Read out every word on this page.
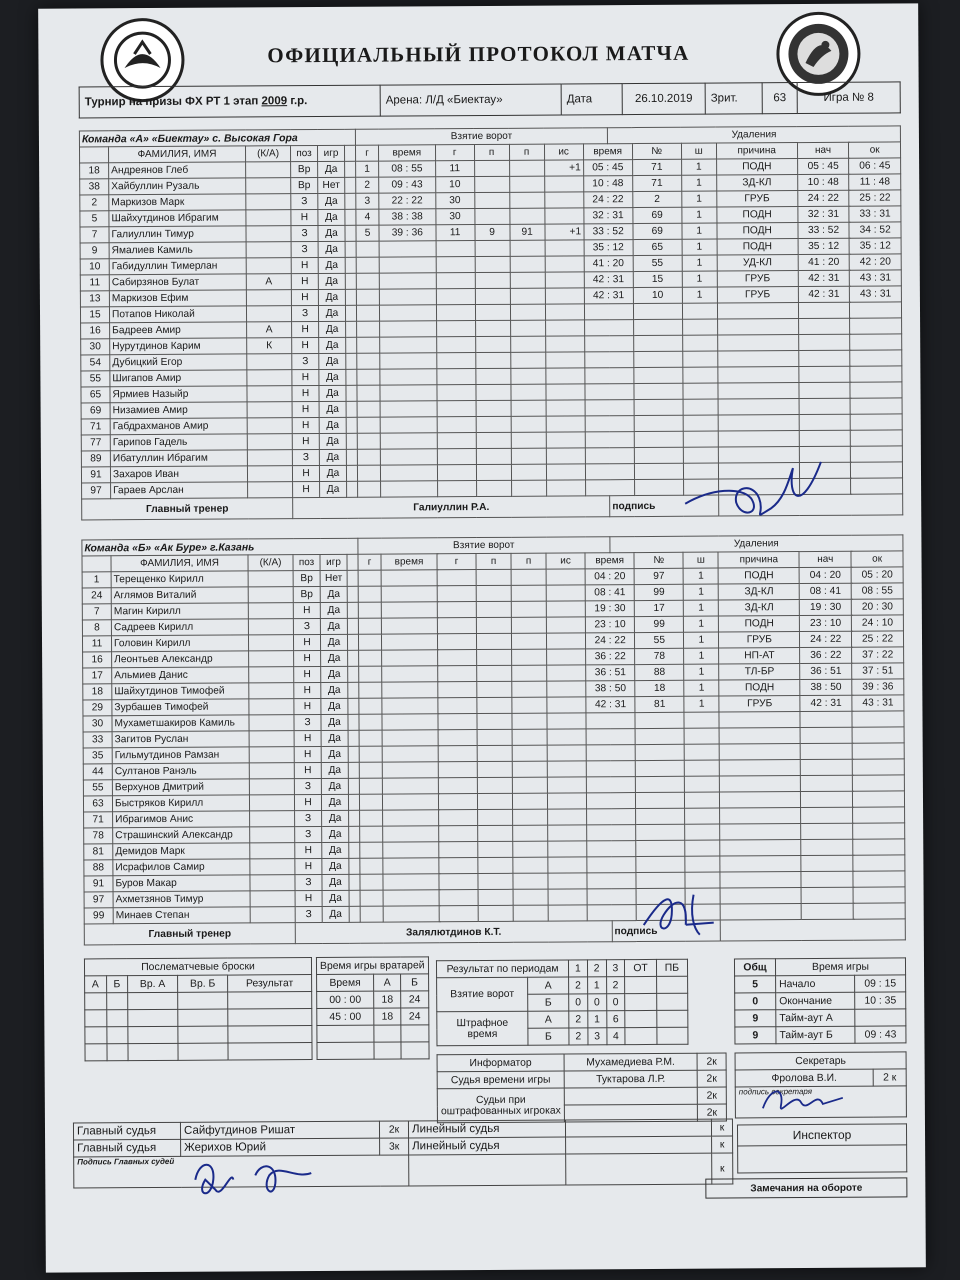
ОФИЦИАЛЬНЫЙ ПРОТОКОЛ МАТЧА
Турнир на призы ФХ РТ 1 этап 2009 г.р.	Арена: Л/Д «Биектау»	Дата	26.10.2019	Зрит.	63	Игра № 8
Команда «А» «Биектау» с. Высокая Гора						Взятие ворот							Удаления					
	ФАМИЛИЯ, ИМЯ	(К/А)	поз	игр		г	время	г	п	п	ис	время		№	ш	причина	нач	ок
18	Андреянов Глеб		Вр	Да		1	08 : 55	11			+1	05 : 45		71	1	ПОДН	05 : 45	06 : 45
38	Хайбуллин Рузаль		Вр	Нет		2	09 : 43	10				10 : 48		71	1	ЗД-КЛ	10 : 48	11 : 48
2	Маркизов Марк		З	Да		3	22 : 22	30				24 : 22		2	1	ГРУБ	24 : 22	25 : 22
5	Шайхутдинов Ибрагим		Н	Да		4	38 : 38	30				32 : 31		69	1	ПОДН	32 : 31	33 : 31
7	Галиуллин Тимур		З	Да		5	39 : 36	11	9	91	+1	33 : 52		69	1	ПОДН	33 : 52	34 : 52
9	Ямалиев Камиль		З	Да								35 : 12		65	1	ПОДН	35 : 12	35 : 12
10	Габидуллин Тимерлан		Н	Да								41 : 20		55	1	УД-КЛ	41 : 20	42 : 20
11	Сабирзянов Булат	А	Н	Да								42 : 31		15	1	ГРУБ	42 : 31	43 : 31
13	Маркизов Ефим		Н	Да								42 : 31		10	1	ГРУБ	42 : 31	43 : 31
15	Потапов Николай		З	Да														
16	Бадреев Амир	А	Н	Да														
30	Нурутдинов Карим	К	Н	Да														
54	Дубицкий Егор		З	Да														
55	Шигапов Амир		Н	Да														
65	Ярмиев Назыйр		Н	Да														
69	Низамиев Амир		Н	Да														
71	Габдрахманов Амир		Н	Да														
77	Гарипов Гадель		Н	Да														
89	Ибатуллин Ибрагим		З	Да														
91	Захаров Иван		Н	Да														
97	Гараев Арслан		Н	Да														
Главный тренер			Галиуллин Р.А.										подпись					
Команда «Б» «Ак Буре» г.Казань						Взятие ворот							Удаления					
	ФАМИЛИЯ, ИМЯ	(К/А)	поз	игр		г	время	г	п	п	ис	время		№	ш	причина	нач	ок
1	Терещенко Кирилл		Вр	Нет								04 : 20		97	1	ПОДН	04 : 20	05 : 20
24	Аглямов Виталий		Вр	Да								08 : 41		99	1	ЗД-КЛ	08 : 41	08 : 55
7	Магин Кирилл		Н	Да								19 : 30		17	1	ЗД-КЛ	19 : 30	20 : 30
8	Садреев Кирилл		З	Да								23 : 10		99	1	ПОДН	23 : 10	24 : 10
11	Головин Кирилл		Н	Да								24 : 22		55	1	ГРУБ	24 : 22	25 : 22
16	Леонтьев Александр		Н	Да								36 : 22		78	1	НП-АТ	36 : 22	37 : 22
17	Альмиев Данис		Н	Да								36 : 51		88	1	ТЛ-БР	36 : 51	37 : 51
18	Шайхутдинов Тимофей		Н	Да								38 : 50		18	1	ПОДН	38 : 50	39 : 36
29	Зурбашев Тимофей		Н	Да								42 : 31		81	1	ГРУБ	42 : 31	43 : 31
30	Мухаметшакиров Камиль		З	Да														
33	Загитов Руслан		Н	Да														
35	Гильмутдинов Рамзан		Н	Да														
44	Султанов Ранэль		Н	Да														
55	Верхунов Дмитрий		З	Да														
63	Быстряков Кирилл		Н	Да														
71	Ибрагимов Анис		З	Да														
78	Страшинский Александр		З	Да														
81	Демидов Марк		Н	Да														
88	Исрафилов Самир		Н	Да														
91	Буров Макар		З	Да														
97	Ахметзянов Тимур		Н	Да														
99	Минаев Степан		З	Да														
Главный тренер			Залялютдинов К.Т.										подпись					
Послематчевые броски				
А	Б	Вр. А	Вр. Б	Результат

Время игры вратарей		
Время	А	Б
00 : 00	18	24
45 : 00	18	24

Результат по периодам		1	2	3	ОТ	ПБ
Взятие ворот	А	2	1	2		
	Б	0	0	0		
Штрафное время	А	2	1	6		
	Б	2	3	4		
Общ	Время игры	
5	Начало	09 : 15
0	Окончание	10 : 35
9	Тайм-аут А	
9	Тайм-аут Б	09 : 43
Информатор	Мухамедиева Р.М.	2к
Судья времени игры	Туктарова Л.Р.	2к
Судьи при оштрафованных игроках		2к
		2к
Секретарь
Фролова В.И.	2 к
подпись секретаря
Главный судья	Сайфутдинов Ришат	2к	Линейный судья		к
Главный судья	Жерихов Юрий	3к	Линейный судья		к
Подпись Главных судей					к
Инспектор

Замечания на обороте
